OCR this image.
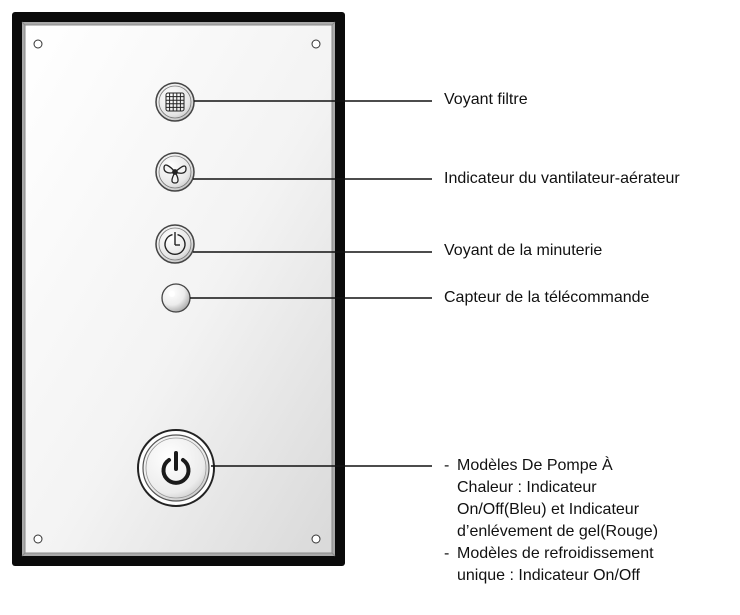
Voyant filtre
Indicateur du vantilateur-aérateur
Voyant de la minuterie
Capteur de la télécommande
- Modèles De Pompe À
Chaleur : Indicateur
On/Off(Bleu) et Indicateur
d’enlévement de gel(Rouge)
- Modèles de refroidissement
unique : Indicateur On/Off
